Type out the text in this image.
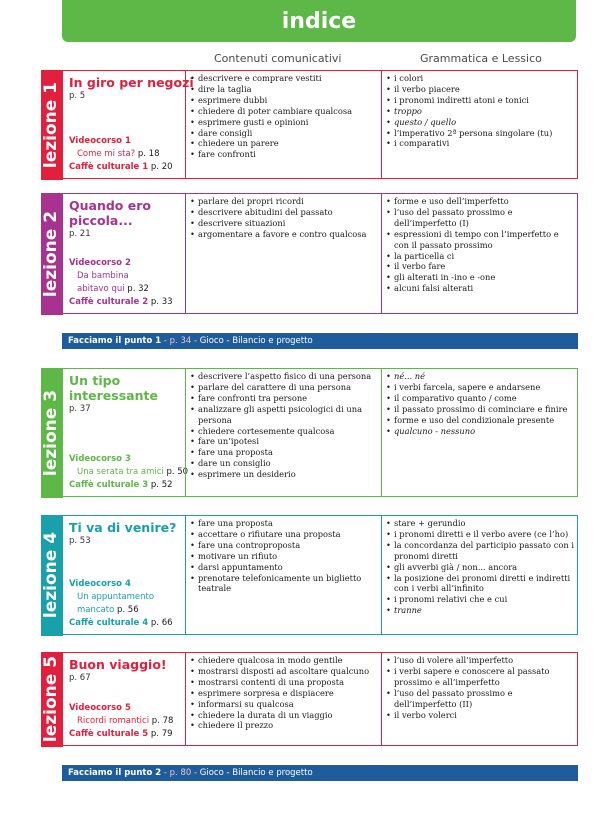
indice
Contenuti comunicativi	Grammatica e Lessico
lezione 1 In giro per negozi
p. 5
Videocorso 1
Come mi sta? p. 18
Caffè culturale 1 p. 20
• descrivere e comprare vestiti
• dire la taglia
• esprimere dubbi
• chiedere di poter cambiare qualcosa
• esprimere gusti e opinioni
• dare consigli
• chiedere un parere
• fare confronti
• i colori
• il verbo piacere
• i pronomi indiretti atoni e tonici
• troppo
• questo / quello
• l’imperativo 2ª persona singolare (tu)
• i comparativi
lezione 2
Quando ero piccola...
p. 21
Videocorso 2
Da bambina abitavo qui p. 32
Caffè culturale 2 p. 33
• parlare dei propri ricordi
• descrivere abitudini del passato
• descrivere situazioni
• argomentare a favore e contro qualcosa
• forme e uso dell’imperfetto
• l’uso del passato prossimo e dell’imperfetto (I)
• espressioni di tempo con l’imperfetto e con il passato prossimo
• la particella ci
• il verbo fare
• gli alterati in -ino e -one
• alcuni falsi alterati
Facciamo il punto 1
- p. 34 -
Gioco - Bilancio e progetto
lezione 3
Un tipo interessante
p. 37
Videocorso 3
Una serata tra amici p. 50
Caffè culturale 3 p. 52
• descrivere l’aspetto fisico di una persona
• parlare del carattere di una persona
• fare confronti tra persone
• analizzare gli aspetti psicologici di una persona
• chiedere cortesemente qualcosa
• fare un’ipotesi
• fare una proposta
• dare un consiglio
• esprimere un desiderio
• né... né
• i verbi farcela, sapere e andarsene
• il comparativo quanto / come
• il passato prossimo di cominciare e finire
• forme e uso del condizionale presente
• qualcuno - nessuno
lezione 4
Ti va di venire?
p. 53
Videocorso 4
Un appuntamento mancato p. 56
Caffè culturale 4 p. 66
• fare una proposta
• accettare o rifiutare una proposta
• fare una controproposta
• motivare un rifiuto
• darsi appuntamento
• prenotare telefonicamente un biglietto teatrale
• stare + gerundio
• i pronomi diretti e il verbo avere (ce l’ho)
• la concordanza del participio passato con i pronomi diretti
• gli avverbi già / non... ancora
• la posizione dei pronomi diretti e indiretti con i verbi all’infinito
• i pronomi relativi che e cui
• tranne
lezione 5 Buon viaggio!
p. 67
Videocorso 5
Ricordi romantici p. 78
Caffè culturale 5 p. 79
• chiedere qualcosa in modo gentile
• mostrarsi disposti ad ascoltare qualcuno
• mostrarsi contenti di una proposta
• esprimere sorpresa e dispiacere
• informarsi su qualcosa
• chiedere la durata di un viaggio
• chiedere il prezzo
• l’uso di volere all’imperfetto
• i verbi sapere e conoscere al passato prossimo e all’imperfetto
• l’uso del passato prossimo e dell’imperfetto (II)
• il verbo volerci
Facciamo il punto 2
- p. 80 -
Gioco - Bilancio e progetto
